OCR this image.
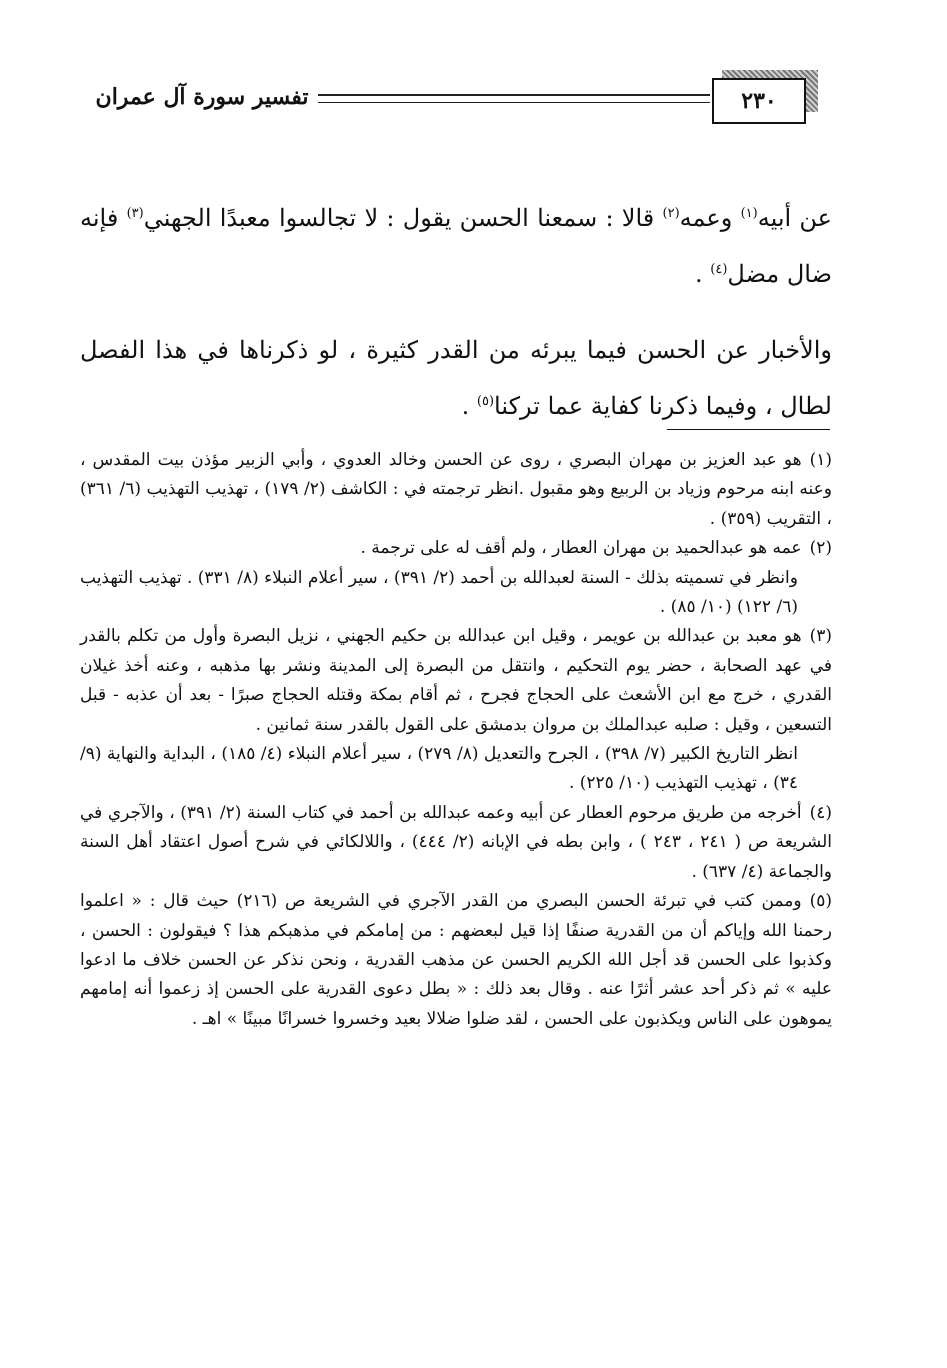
تفسير سورة آل عمران	٢٣٠

عن أبيه$^{(١)}$ وعمه$^{(٢)}$ قالا : سمعنا الحسن يقول : لا تجالسوا معبدًا الجهني$^{(٣)}$ فإنه ضال مضل$^{(٤)}$ .

والأخبار عن الحسن فيما يبرئه من القدر كثيرة ، لو ذكرناها في هذا الفصل لطال ، وفيما ذكرنا كفاية عما تركنا$^{(٥)}$ .

(١)هو عبد العزيز بن مهران البصري ، روى عن الحسن وخالد العدوي ، وأبي الزبير مؤذن بيت المقدس ، وعنه ابنه مرحوم وزياد بن الربيع وهو مقبول .انظر ترجمته في : الكاشف (٢/ ١٧٩) ، تهذيب التهذيب (٦/ ٣٦١) ، التقريب (٣٥٩) .

(٢)عمه هو عبدالحميد بن مهران العطار ، ولم أقف له على ترجمة .

وانظر في تسميته بذلك - السنة لعبدالله بن أحمد (٢/ ٣٩١) ، سير أعلام النبلاء (٨/ ٣٣١) . تهذيب التهذيب (٦/ ١٢٢) (١٠/ ٨٥) .

(٣)هو معبد بن عبدالله بن عويمر ، وقيل ابن عبدالله بن حكيم الجهني ، نزيل البصرة وأول من تكلم بالقدر في عهد الصحابة ، حضر يوم التحكيم ، وانتقل من البصرة إلى المدينة ونشر بها مذهبه ، وعنه أخذ غيلان القدري ، خرج مع ابن الأشعث على الحجاج فجرح ، ثم أقام بمكة وقتله الحجاج صبرًا - بعد أن عذبه - قبل التسعين ، وقيل : صلبه عبدالملك بن مروان بدمشق على القول بالقدر سنة ثمانين .

انظر التاريخ الكبير (٧/ ٣٩٨) ، الجرح والتعديل (٨/ ٢٧٩) ، سير أعلام النبلاء (٤/ ١٨٥) ، البداية والنهاية (٩/ ٣٤) ، تهذيب التهذيب (١٠/ ٢٢٥) .

(٤)أخرجه من طريق مرحوم العطار عن أبيه وعمه عبدالله بن أحمد في كتاب السنة (٢/ ٣٩١) ، والآجري في الشريعة ص ( ٢٤١ ، ٢٤٣ ) ، وابن بطه في الإبانه (٢/ ٤٤٤) ، واللالكائي في شرح أصول اعتقاد أهل السنة والجماعة (٤/ ٦٣٧) .

(٥)وممن كتب في تبرئة الحسن البصري من القدر الآجري في الشريعة ص (٢١٦) حيث قال : « اعلموا رحمنا الله وإياكم أن من القدرية صنفًا إذا قيل لبعضهم : من إمامكم في مذهبكم هذا ؟ فيقولون : الحسن ، وكذبوا على الحسن قد أجل الله الكريم الحسن عن مذهب القدرية ، ونحن نذكر عن الحسن خلاف ما ادعوا عليه » ثم ذكر أحد عشر أثرًا عنه . وقال بعد ذلك : « بطل دعوى القدرية على الحسن إذ زعموا أنه إمامهم يموهون على الناس ويكذبون على الحسن ، لقد ضلوا ضلالا بعيد وخسروا خسرانًا مبينًا » اهـ .
